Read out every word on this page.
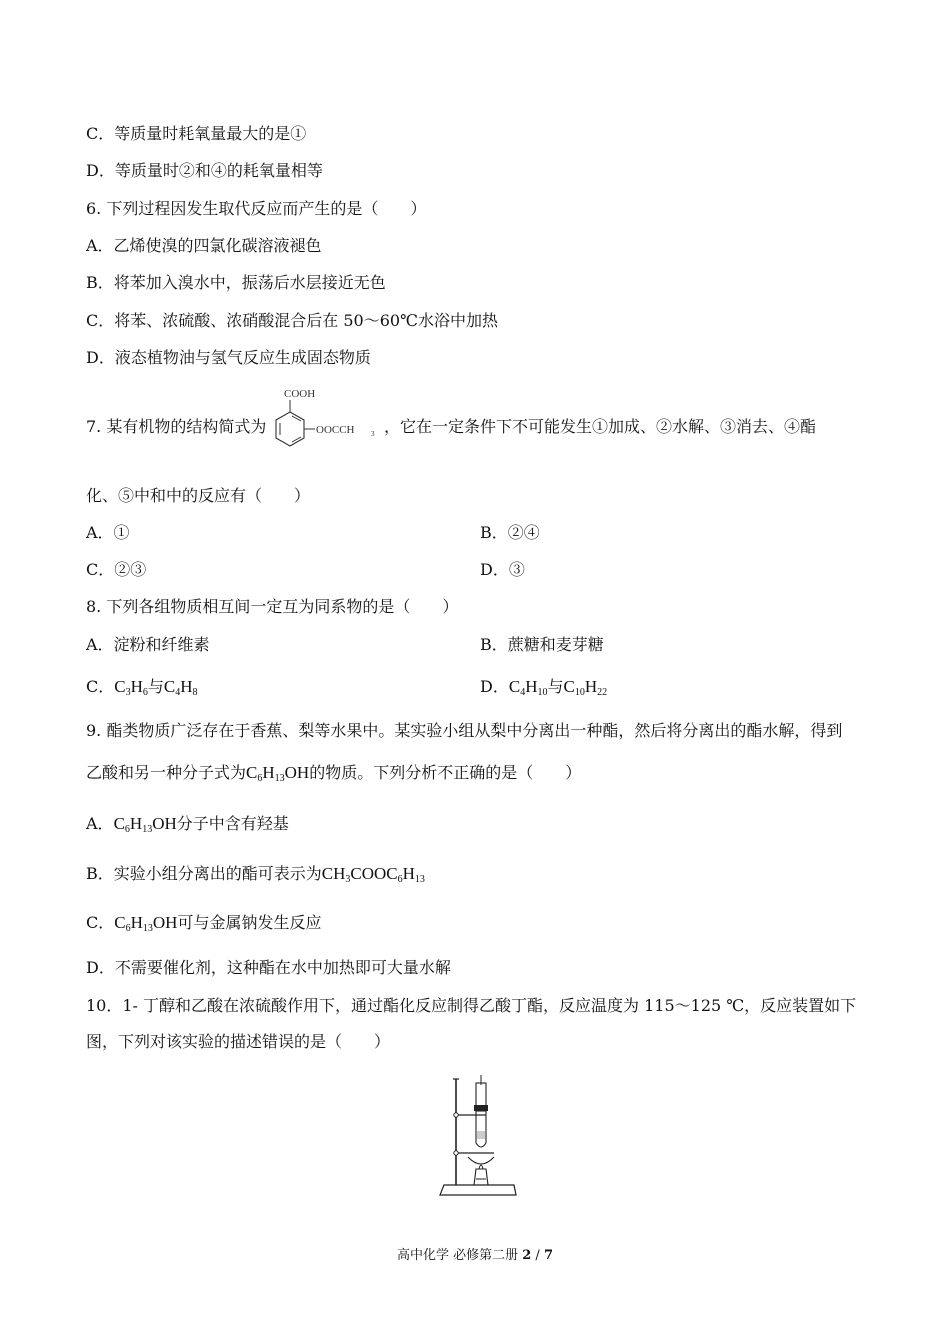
C．等质量时耗氧量最大的是①
D．等质量时②和④的耗氧量相等
6. 下列过程因发生取代反应而产生的是（　　）
A．乙烯使溴的四氯化碳溶液褪色
B．将苯加入溴水中，振荡后水层接近无色
C．将苯、浓硫酸、浓硝酸混合后在 50～60℃水浴中加热
D．液态植物油与氢气反应生成固态物质
7. 某有机物的结构简式为
COOH
OOCCH 3 ，它在一定条件下不可能发生①加成、②水解、③消去、④酯
化、⑤中和中的反应有（　　）
A．①	B．②④
C．②③	D．③
8. 下列各组物质相互间一定互为同系物的是（　　）
A．淀粉和纤维素	B．蔗糖和麦芽糖
C．$C_3H_6$与$C_4H_8$	D．$C_4H_{10}$与$C_{10}H_{22}$
9. 酯类物质广泛存在于香蕉、梨等水果中。某实验小组从梨中分离出一种酯，然后将分离出的酯水解，得到
乙酸和另一种分子式为$C_6H_{13}OH$的物质。下列分析不正确的是（　　）
A．$C_6H_{13}OH$分子中含有羟基
B．实验小组分离出的酯可表示为$CH_3COOC_6H_{13}$
C．$C_6H_{13}OH$可与金属钠发生反应
D．不需要催化剂，这种酯在水中加热即可大量水解
10．1- 丁醇和乙酸在浓硫酸作用下，通过酯化反应制得乙酸丁酯，反应温度为 115～125 ℃，反应装置如下
图，下列对该实验的描述错误的是（　　）
高中化学 必修第二册 2 / 7
